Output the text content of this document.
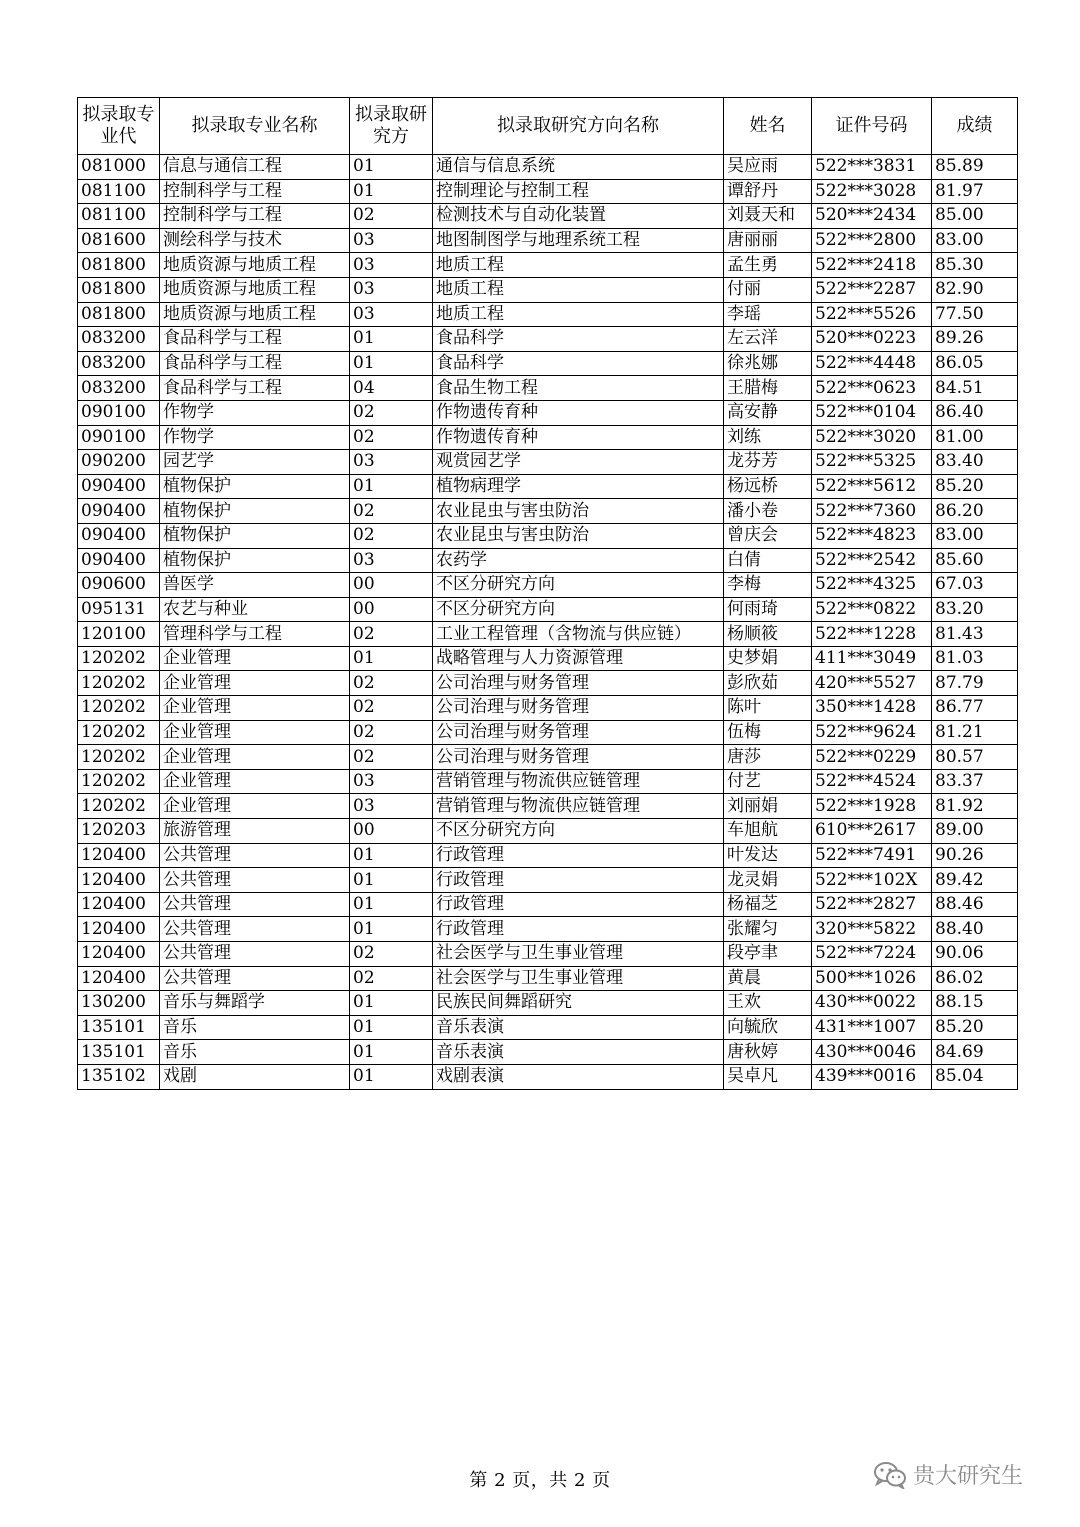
拟录取专业代	拟录取专业名称	拟录取研究方	拟录取研究方向名称	姓名	证件号码	成绩
081000	信息与通信工程	01	通信与信息系统	吴应雨	522***3831	85.89
081100	控制科学与工程	01	控制理论与控制工程	谭舒丹	522***3028	81.97
081100	控制科学与工程	02	检测技术与自动化装置	刘聂天和	520***2434	85.00
081600	测绘科学与技术	03	地图制图学与地理系统工程	唐丽丽	522***2800	83.00
081800	地质资源与地质工程	03	地质工程	孟生勇	522***2418	85.30
081800	地质资源与地质工程	03	地质工程	付丽	522***2287	82.90
081800	地质资源与地质工程	03	地质工程	李瑶	522***5526	77.50
083200	食品科学与工程	01	食品科学	左云洋	520***0223	89.26
083200	食品科学与工程	01	食品科学	徐兆娜	522***4448	86.05
083200	食品科学与工程	04	食品生物工程	王腊梅	522***0623	84.51
090100	作物学	02	作物遗传育种	高安静	522***0104	86.40
090100	作物学	02	作物遗传育种	刘练	522***3020	81.00
090200	园艺学	03	观赏园艺学	龙芬芳	522***5325	83.40
090400	植物保护	01	植物病理学	杨远桥	522***5612	85.20
090400	植物保护	02	农业昆虫与害虫防治	潘小卷	522***7360	86.20
090400	植物保护	02	农业昆虫与害虫防治	曾庆会	522***4823	83.00
090400	植物保护	03	农药学	白倩	522***2542	85.60
090600	兽医学	00	不区分研究方向	李梅	522***4325	67.03
095131	农艺与种业	00	不区分研究方向	何雨琦	522***0822	83.20
120100	管理科学与工程	02	工业工程管理（含物流与供应链）	杨顺筱	522***1228	81.43
120202	企业管理	01	战略管理与人力资源管理	史梦娟	411***3049	81.03
120202	企业管理	02	公司治理与财务管理	彭欣茹	420***5527	87.79
120202	企业管理	02	公司治理与财务管理	陈叶	350***1428	86.77
120202	企业管理	02	公司治理与财务管理	伍梅	522***9624	81.21
120202	企业管理	02	公司治理与财务管理	唐莎	522***0229	80.57
120202	企业管理	03	营销管理与物流供应链管理	付艺	522***4524	83.37
120202	企业管理	03	营销管理与物流供应链管理	刘丽娟	522***1928	81.92
120203	旅游管理	00	不区分研究方向	车旭航	610***2617	89.00
120400	公共管理	01	行政管理	叶发达	522***7491	90.26
120400	公共管理	01	行政管理	龙灵娟	522***102X	89.42
120400	公共管理	01	行政管理	杨福芝	522***2827	88.46
120400	公共管理	01	行政管理	张耀匀	320***5822	88.40
120400	公共管理	02	社会医学与卫生事业管理	段亭聿	522***7224	90.06
120400	公共管理	02	社会医学与卫生事业管理	黄晨	500***1026	86.02
130200	音乐与舞蹈学	01	民族民间舞蹈研究	王欢	430***0022	88.15
135101	音乐	01	音乐表演	向毓欣	431***1007	85.20
135101	音乐	01	音乐表演	唐秋婷	430***0046	84.69
135102	戏剧	01	戏剧表演	吴卓凡	439***0016	85.04
第 2 页，共 2 页	贵大研究生
